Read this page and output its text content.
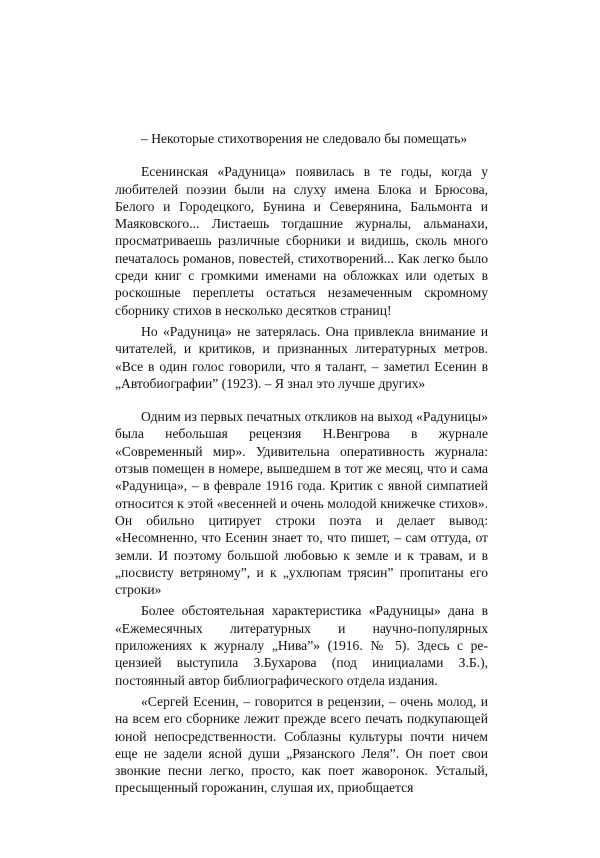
– Некоторые стихотворения не следовало бы помещать»

Есенинская «Радуница» появилась в те годы, когда у любителей поэзии были на слуху имена Блока и Брюсова, Белого и Городецкого, Бунина и Северянина, Бальмонта и Маяковского... Листаешь тогдашние журналы, альманахи, просматриваешь различные сборники и видишь, сколь много печаталось романов, повестей, стихотворений... Как легко было среди книг с громкими именами на обложках или одетых в роскошные переплеты остаться незамеченным скромному сборнику стихов в несколько десятков страниц!

Но «Радуница» не затерялась. Она привлекла внимание и читателей, и критиков, и признанных литературных метров. «Все в один голос говорили, что я талант, – заметил Есенин в „Автобиографии” (1923). – Я знал это лучше других»

Одним из первых печатных откликов на выход «Радуницы» была небольшая рецензия Н.Венгрова в журнале «Современный мир». Удивительна оперативность журнала: отзыв помещен в номере, вышедшем в тот же месяц, что и сама «Радуница», – в феврале 1916 года. Критик с явной симпатией относится к этой «весенней и очень молодой книжечке стихов». Он обильно цитирует строки поэта и делает вывод: «Несомненно, что Есенин знает то, что пишет, – сам оттуда, от земли. И поэтому большой любовью к земле и к травам, и в „посвисту ветряному”, и к „ухлюпам трясин” пропитаны его строки»

Более обстоятельная характеристика «Радуницы» дана в «Ежемесячных литературных и научно-популярных приложениях к журналу „Нива”» (1916. № 5). Здесь с рецензией выступила З.Бухарова (под инициалами З.Б.), постоянный автор библиографического отдела издания.

«Сергей Есенин, – говорится в рецензии, – очень молод, и на всем его сборнике лежит прежде всего печать подкупающей юной непосредственности. Соблазны культуры почти ничем еще не задели ясной души „Рязанского Леля”. Он поет свои звонкие песни легко, просто, как поет жаворонок. Усталый, пресыщенный горожанин, слушая их, приобщается
